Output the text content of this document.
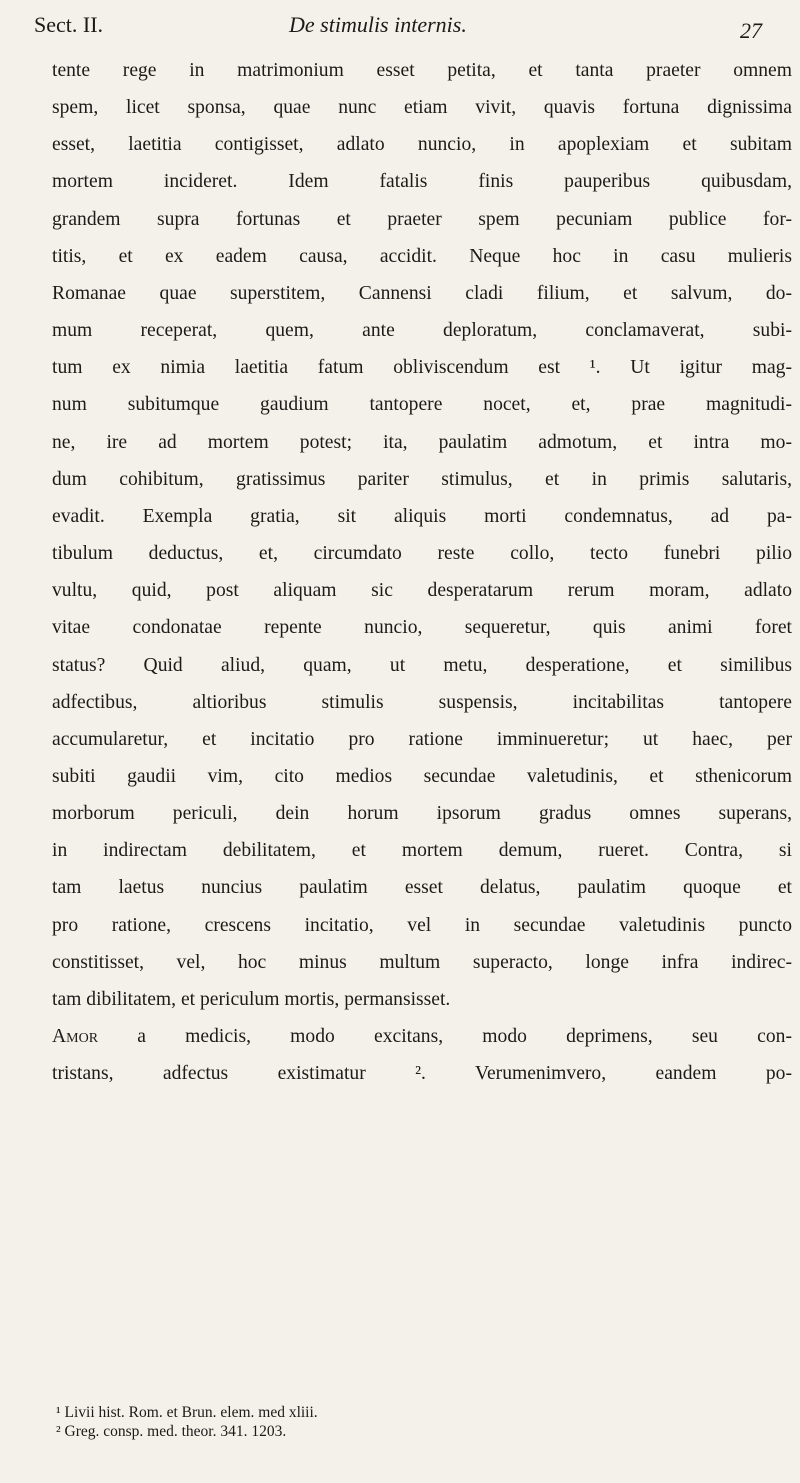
Sect. II.	De stimulis internis.	27
tente rege in matrimonium esset petita, et tanta praeter omnem
spem, licet sponsa, quae nunc etiam vivit, quavis fortuna dignissima
esset, laetitia contigisset, adlato nuncio, in apoplexiam et subitam
mortem incideret. Idem fatalis finis pauperibus quibusdam,
grandem supra fortunas et praeter spem pecuniam publice for-
titis, et ex eadem causa, accidit. Neque hoc in casu mulieris
Romanae quae superstitem, Cannensi cladi filium, et salvum, do-
mum receperat, quem, ante deploratum, conclamaverat, subi-
tum ex nimia laetitia fatum obliviscendum est ¹. Ut igitur mag-
num subitumque gaudium tantopere nocet, et, prae magnitudi-
ne, ire ad mortem potest; ita, paulatim admotum, et intra mo-
dum cohibitum, gratissimus pariter stimulus, et in primis salutaris,
evadit. Exempla gratia, sit aliquis morti condemnatus, ad pa-
tibulum deductus, et, circumdato reste collo, tecto funebri pilio
vultu, quid, post aliquam sic desperatarum rerum moram, adlato
vitae condonatae repente nuncio, sequeretur, quis animi foret
status? Quid aliud, quam, ut metu, desperatione, et similibus
adfectibus, altioribus stimulis suspensis, incitabilitas tantopere
accumularetur, et incitatio pro ratione imminueretur; ut haec, per
subiti gaudii vim, cito medios secundae valetudinis, et sthenicorum
morborum periculi, dein horum ipsorum gradus omnes superans,
in indirectam debilitatem, et mortem demum, rueret. Contra, si
tam laetus nuncius paulatim esset delatus, paulatim quoque et
pro ratione, crescens incitatio, vel in secundae valetudinis puncto
constitisset, vel, hoc minus multum superacto, longe infra indirec-
tam dibilitatem, et periculum mortis, permansisset.
Amor a medicis, modo excitans, modo deprimens, seu con-
tristans, adfectus existimatur ². Verumenimvero, eandem po-
¹ Livii hist. Rom. et Brun. elem. med xliii.
² Greg. consp. med. theor. 341. 1203.
